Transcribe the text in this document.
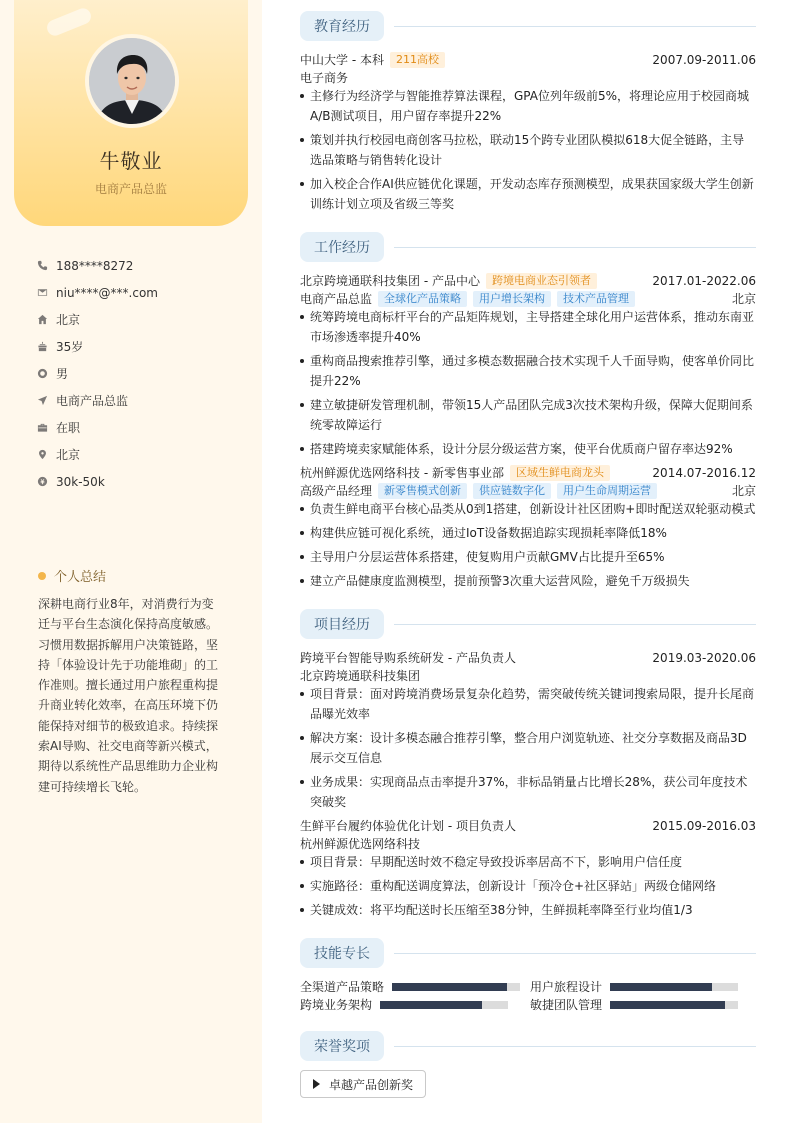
牛敬业
电商产品总监
188****8272
niu****@***.com
北京
35岁
男
电商产品总监
在职
北京
30k-50k
个人总结
深耕电商行业8年，对消费行为变迁与平台生态演化保持高度敏感。习惯用数据拆解用户决策链路，坚持「体验设计先于功能堆砌」的工作准则。擅长通过用户旅程重构提升商业转化效率，在高压环境下仍能保持对细节的极致追求。持续探索AI导购、社交电商等新兴模式，期待以系统性产品思维助力企业构建可持续增长飞轮。
教育经历
中山大学 - 本科	211高校	2007.09-2011.06
电子商务
主修行为经济学与智能推荐算法课程，GPA位列年级前5%，将理论应用于校园商城A/B测试项目，用户留存率提升22%
策划并执行校园电商创客马拉松，联动15个跨专业团队模拟618大促全链路，主导选品策略与销售转化设计
加入校企合作AI供应链优化课题，开发动态库存预测模型，成果获国家级大学生创新训练计划立项及省级三等奖
工作经历
北京跨境通联科技集团 - 产品中心	跨境电商业态引领者	2017.01-2022.06
电商产品总监	全球化产品策略	用户增长架构	技术产品管理	北京
统筹跨境电商标杆平台的产品矩阵规划，主导搭建全球化用户运营体系，推动东南亚市场渗透率提升40%
重构商品搜索推荐引擎，通过多模态数据融合技术实现千人千面导购，使客单价同比提升22%
建立敏捷研发管理机制，带领15人产品团队完成3次技术架构升级，保障大促期间系统零故障运行
搭建跨境卖家赋能体系，设计分层分级运营方案，使平台优质商户留存率达92%
杭州鲜源优选网络科技 - 新零售事业部	区域生鲜电商龙头	2014.07-2016.12
高级产品经理	新零售模式创新	供应链数字化	用户生命周期运营	北京
负责生鲜电商平台核心品类从0到1搭建，创新设计社区团购+即时配送双轮驱动模式
构建供应链可视化系统，通过IoT设备数据追踪实现损耗率降低18%
主导用户分层运营体系搭建，使复购用户贡献GMV占比提升至65%
建立产品健康度监测模型，提前预警3次重大运营风险，避免千万级损失
项目经历
跨境平台智能导购系统研发 - 产品负责人	2019.03-2020.06
北京跨境通联科技集团
项目背景：面对跨境消费场景复杂化趋势，需突破传统关键词搜索局限，提升长尾商品曝光效率
解决方案：设计多模态融合推荐引擎，整合用户浏览轨迹、社交分享数据及商品3D展示交互信息
业务成果：实现商品点击率提升37%，非标品销量占比增长28%，获公司年度技术突破奖
生鲜平台履约体验优化计划 - 项目负责人	2015.09-2016.03
杭州鲜源优选网络科技
项目背景：早期配送时效不稳定导致投诉率居高不下，影响用户信任度
实施路径：重构配送调度算法，创新设计「预冷仓+社区驿站」两级仓储网络
关键成效：将平均配送时长压缩至38分钟，生鲜损耗率降至行业均值1/3
技能专长
全渠道产品策略	用户旅程设计
跨境业务架构	敏捷团队管理
荣誉奖项
卓越产品创新奖
